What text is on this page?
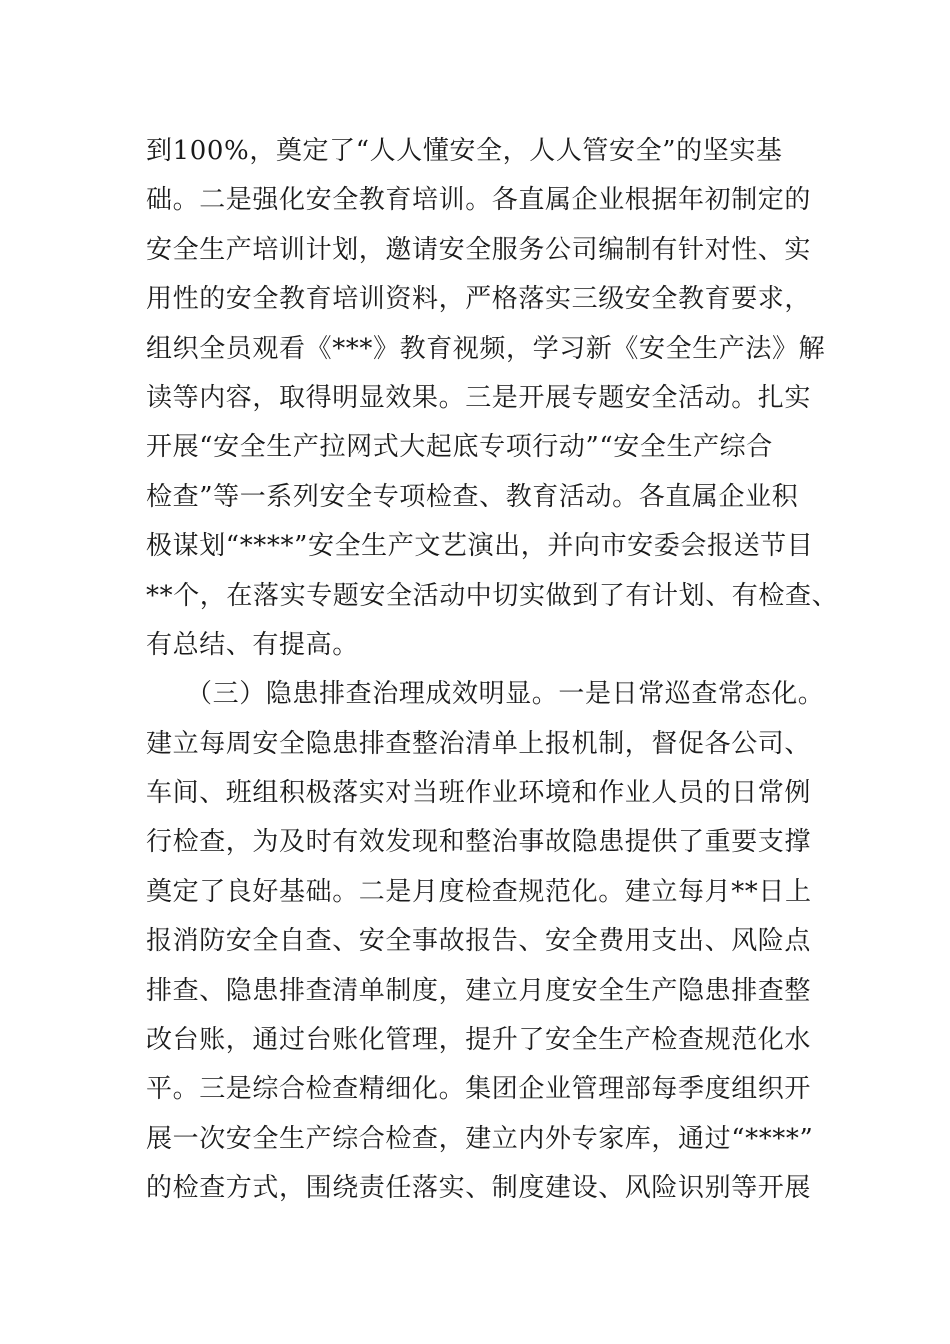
到100%，奠定了“人人懂安全，人人管安全”的坚实基
础。二是强化安全教育培训。各直属企业根据年初制定的
安全生产培训计划，邀请安全服务公司编制有针对性、实
用性的安全教育培训资料，严格落实三级安全教育要求，
组织全员观看《***》教育视频，学习新《安全生产法》解
读等内容，取得明显效果。三是开展专题安全活动。扎实
开展“安全生产拉网式大起底专项行动”“安全生产综合
检查”等一系列安全专项检查、教育活动。各直属企业积
极谋划“****”安全生产文艺演出，并向市安委会报送节目
**个，在落实专题安全活动中切实做到了有计划、有检查、
有总结、有提高。
（三）隐患排查治理成效明显。一是日常巡查常态化。
建立每周安全隐患排查整治清单上报机制，督促各公司、
车间、班组积极落实对当班作业环境和作业人员的日常例
行检查，为及时有效发现和整治事故隐患提供了重要支撑
奠定了良好基础。二是月度检查规范化。建立每月**日上
报消防安全自查、安全事故报告、安全费用支出、风险点
排查、隐患排查清单制度，建立月度安全生产隐患排查整
改台账，通过台账化管理，提升了安全生产检查规范化水
平。三是综合检查精细化。集团企业管理部每季度组织开
展一次安全生产综合检查，建立内外专家库，通过“****”
的检查方式，围绕责任落实、制度建设、风险识别等开展
